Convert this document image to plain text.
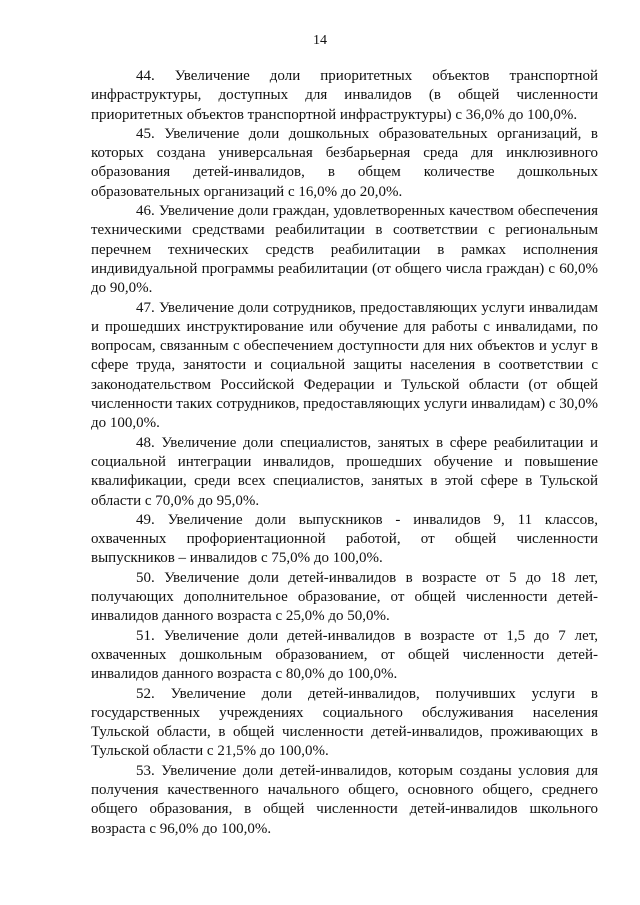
14

44. Увеличение доли приоритетных объектов транспортной инфраструктуры, доступных для инвалидов (в общей численности приоритетных объектов транспортной инфраструктуры) с 36,0% до 100,0%.

45. Увеличение доли дошкольных образовательных организаций, в которых создана универсальная безбарьерная среда для инклюзивного образования детей-инвалидов, в общем количестве дошкольных образовательных организаций с 16,0% до 20,0%.

46. Увеличение доли граждан, удовлетворенных качеством обеспечения техническими средствами реабилитации в соответствии с региональным перечнем технических средств реабилитации в рамках исполнения индивидуальной программы реабилитации (от общего числа граждан) с 60,0% до 90,0%.

47. Увеличение доли сотрудников, предоставляющих услуги инвалидам и прошедших инструктирование или обучение для работы с инвалидами, по вопросам, связанным с обеспечением доступности для них объектов и услуг в сфере труда, занятости и социальной защиты населения в соответствии с законодательством Российской Федерации и Тульской области (от общей численности таких сотрудников, предоставляющих услуги инвалидам) с 30,0% до 100,0%.

48. Увеличение доли специалистов, занятых в сфере реабилитации и социальной интеграции инвалидов, прошедших обучение и повышение квалификации, среди всех специалистов, занятых в этой сфере в Тульской области с 70,0% до 95,0%.

49. Увеличение доли выпускников - инвалидов 9, 11 классов, охваченных профориентационной работой, от общей численности выпускников – инвалидов с 75,0% до 100,0%.

50. Увеличение доли детей-инвалидов в возрасте от 5 до 18 лет, получающих дополнительное образование, от общей численности детей-инвалидов данного возраста с 25,0% до 50,0%.

51. Увеличение доли детей-инвалидов в возрасте от 1,5 до 7 лет, охваченных дошкольным образованием, от общей численности детей-инвалидов данного возраста с 80,0% до 100,0%.

52. Увеличение доли детей-инвалидов, получивших услуги в государственных учреждениях социального обслуживания населения Тульской области, в общей численности детей-инвалидов, проживающих в Тульской области с 21,5% до 100,0%.

53. Увеличение доли детей-инвалидов, которым созданы условия для получения качественного начального общего, основного общего, среднего общего образования, в общей численности детей-инвалидов школьного возраста с 96,0% до 100,0%.
